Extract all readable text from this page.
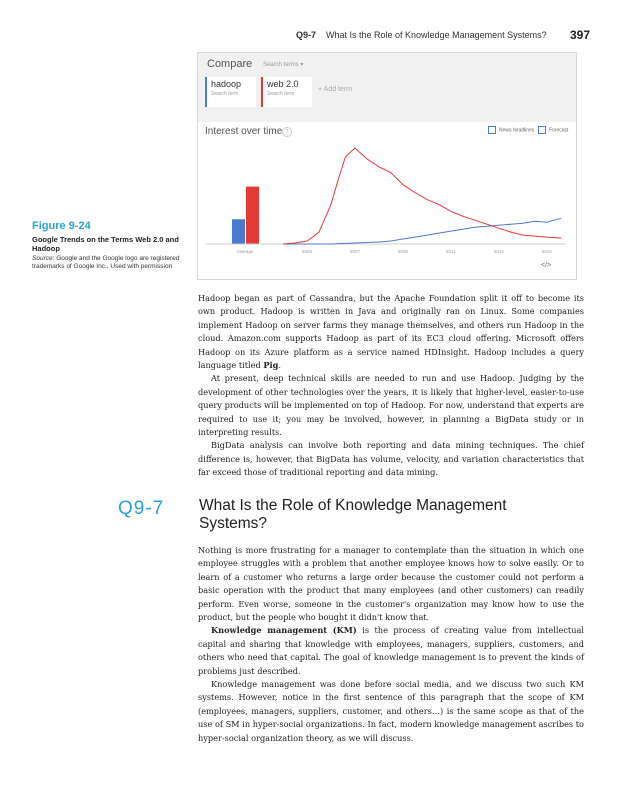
Q9-7 What Is the Role of Knowledge Management Systems? 397
Compare Search terms ▾
hadoop
Search term
web 2.0
Search term
+ Add term
Interest over time ?	News headlines	Forecast
Average	2005	2007	2009	2011	2013	2015
</>
Figure 9-24
Google Trends on the Terms Web 2.0 and Hadoop
Source: Google and the Google logo are registered trademarks of Google Inc., Used with permission

Hadoop began as part of Cassandra, but the Apache Foundation split it off to become its own product. Hadoop is written in Java and originally ran on Linux. Some companies implement Hadoop on server farms they manage themselves, and others run Hadoop in the cloud. Amazon.com supports Hadoop as part of its EC3 cloud offering. Microsoft offers Hadoop on its Azure platform as a service named HDInsight. Hadoop includes a query language titled Pig.

At present, deep technical skills are needed to run and use Hadoop. Judging by the development of other technologies over the years, it is likely that higher-level, easier-to-use query products will be implemented on top of Hadoop. For now, understand that experts are required to use it; you may be involved, however, in planning a BigData study or in interpreting results.

BigData analysis can involve both reporting and data mining techniques. The chief difference is, however, that BigData has volume, velocity, and variation characteristics that far exceed those of traditional reporting and data mining.

Q9-7 What Is the Role of Knowledge Management Systems?

Nothing is more frustrating for a manager to contemplate than the situation in which one employee struggles with a problem that another employee knows how to solve easily. Or to learn of a customer who returns a large order because the customer could not perform a basic operation with the product that many employees (and other customers) can readily perform. Even worse, someone in the customer's organization may know how to use the product, but the people who bought it didn't know that.

Knowledge management (KM) is the process of creating value from intellectual capital and sharing that knowledge with employees, managers, suppliers, customers, and others who need that capital. The goal of knowledge management is to prevent the kinds of problems just described.

Knowledge management was done before social media, and we discuss two such KM systems. However, notice in the first sentence of this paragraph that the scope of KM (employees, managers, suppliers, customer, and others…) is the same scope as that of the use of SM in hyper-social organizations. In fact, modern knowledge management ascribes to hyper-social organization theory, as we will discuss.
